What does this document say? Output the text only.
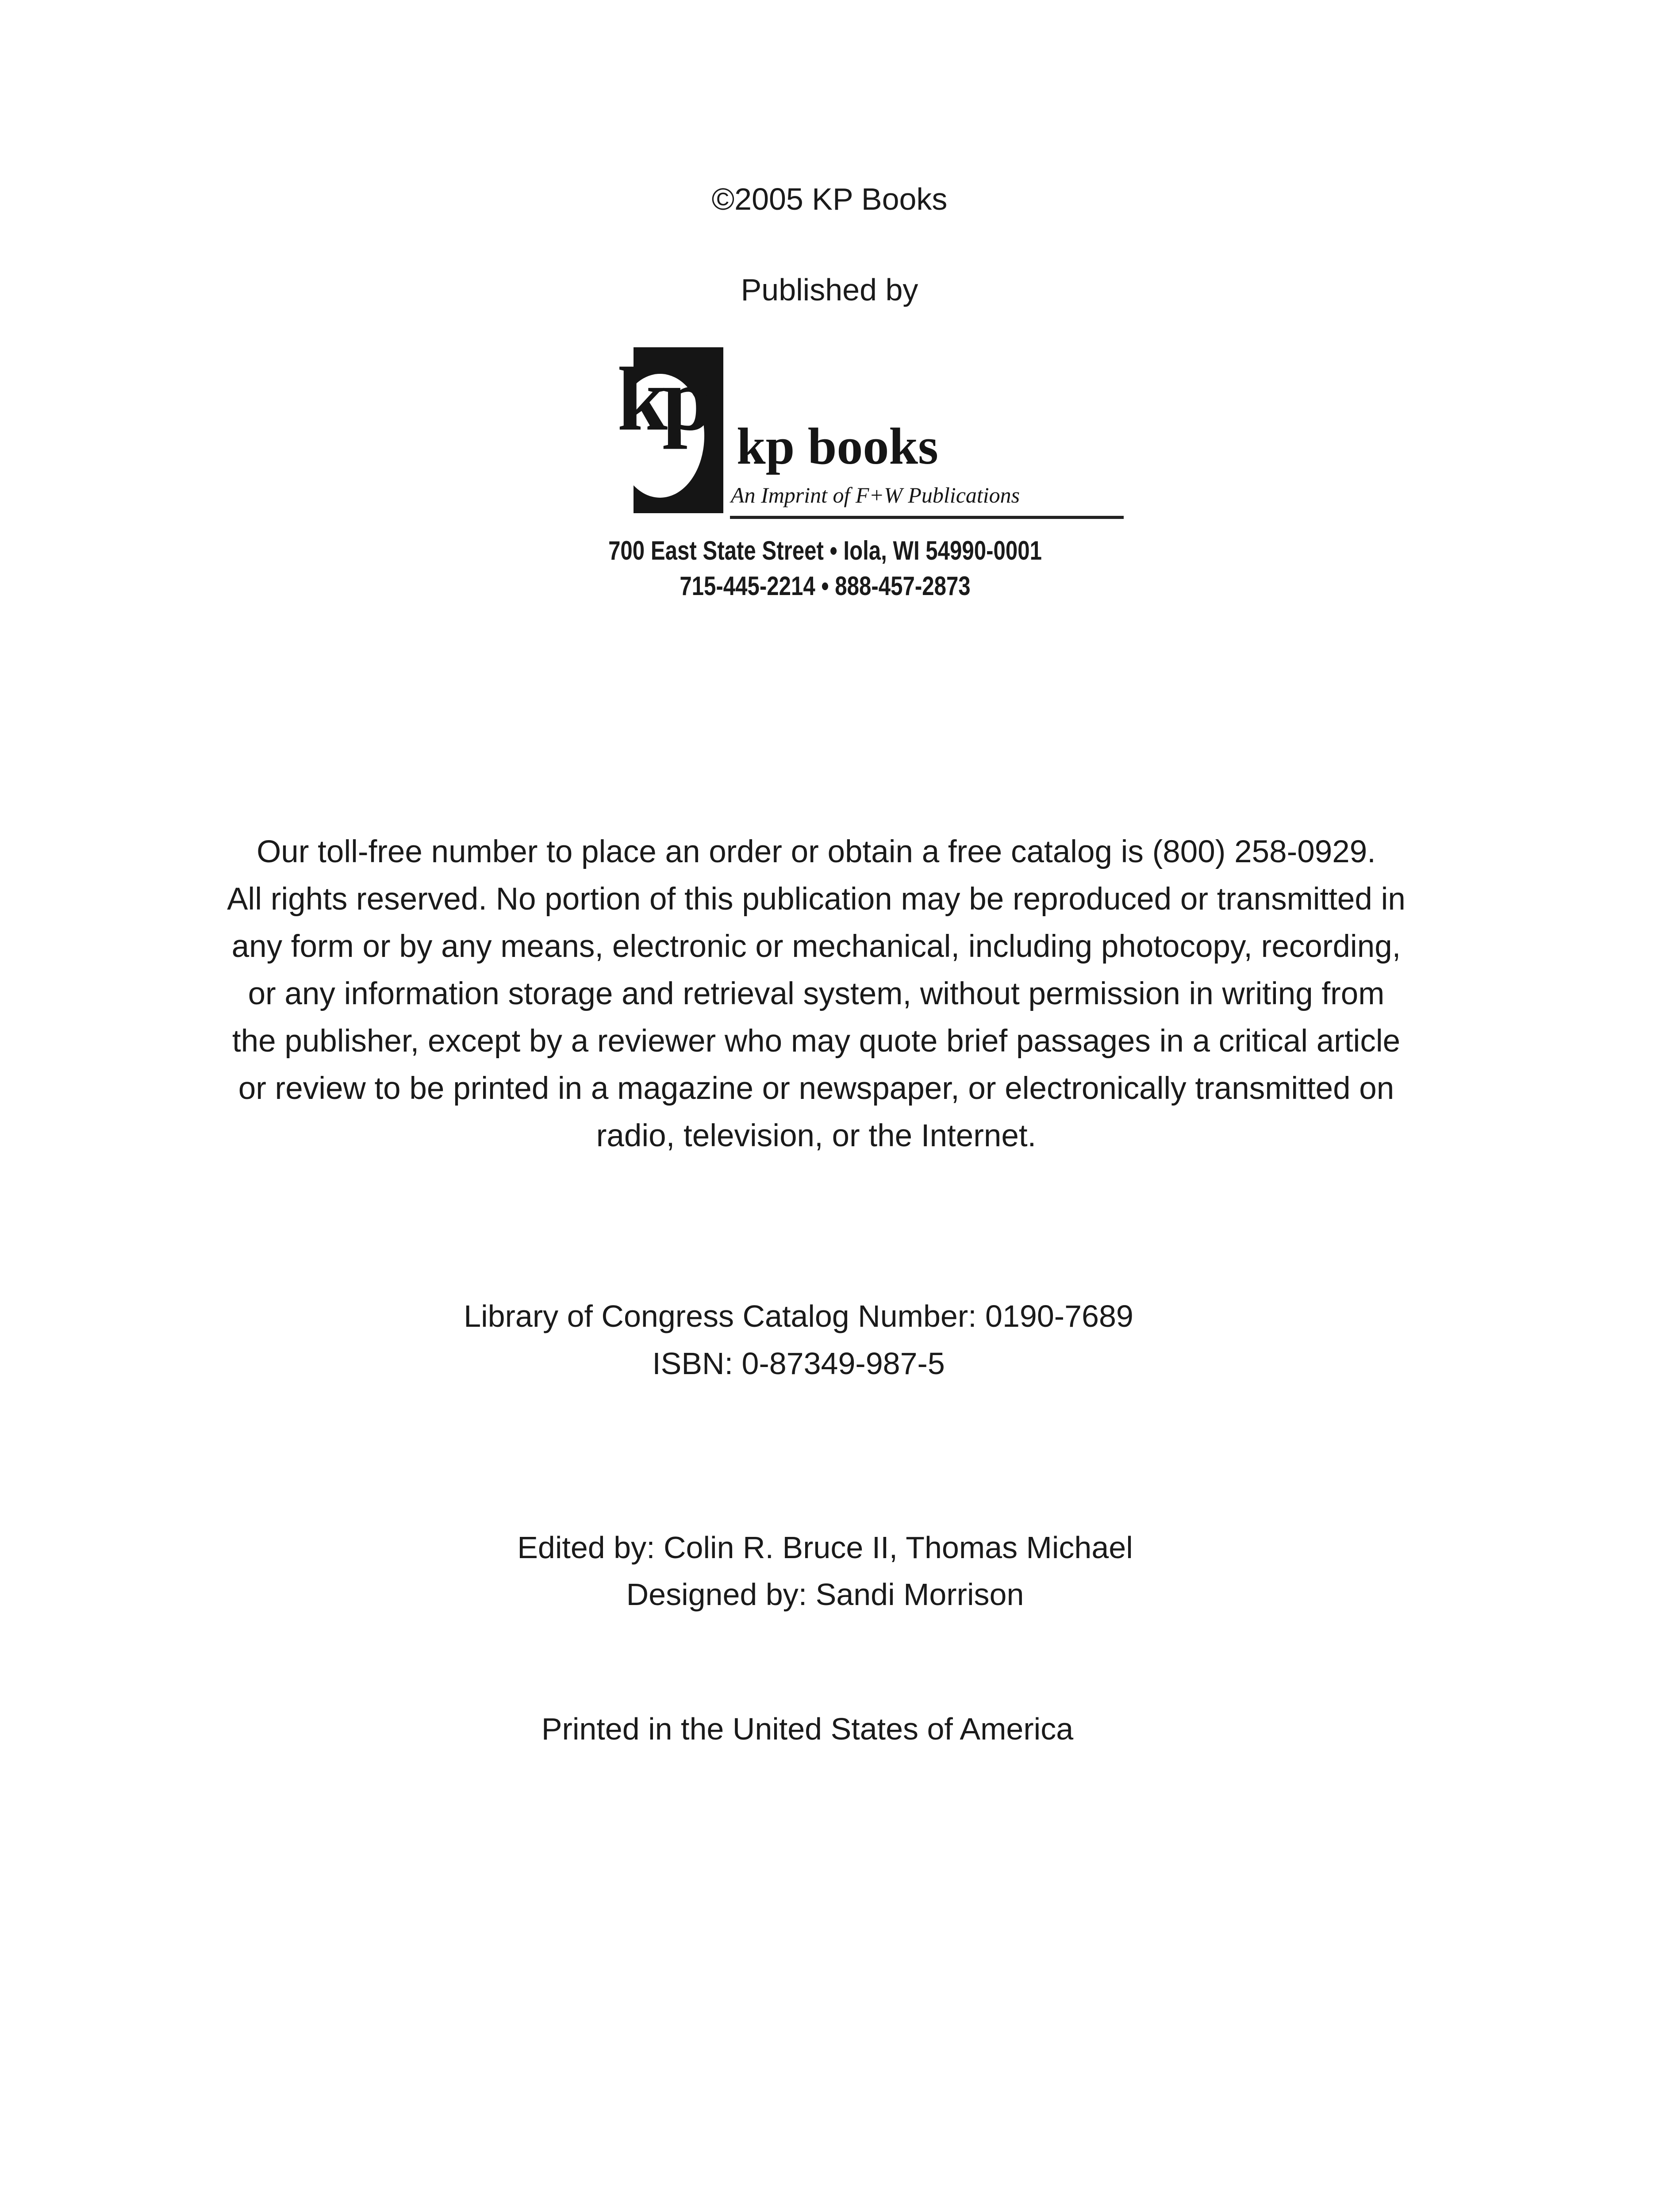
©2005 KP Books
Published by
kp kp books
An Imprint of F+W Publications
700 East State Street • Iola, WI 54990-0001
715-445-2214 • 888-457-2873
Our toll-free number to place an order or obtain a free catalog is (800) 258-0929.
All rights reserved. No portion of this publication may be reproduced or transmitted in
any form or by any means, electronic or mechanical, including photocopy, recording,
or any information storage and retrieval system, without permission in writing from
the publisher, except by a reviewer who may quote brief passages in a critical article
or review to be printed in a magazine or newspaper, or electronically transmitted on
radio, television, or the Internet.
Library of Congress Catalog Number: 0190-7689
ISBN: 0-87349-987-5
Edited by: Colin R. Bruce II, Thomas Michael
Designed by: Sandi Morrison
Printed in the United States of America
